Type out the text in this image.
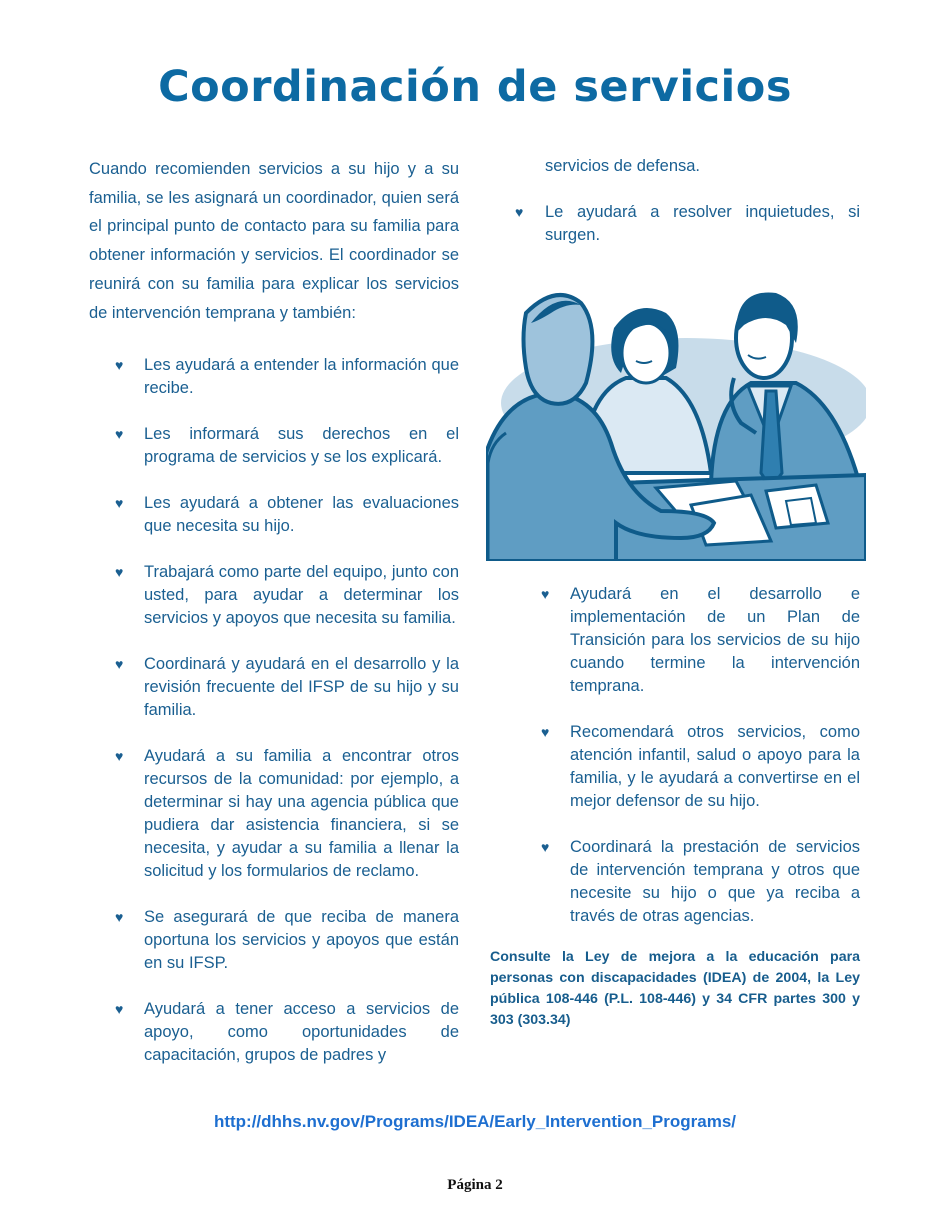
Coordinación de servicios

Cuando recomienden servicios a su hijo y a su familia, se les asignará un coordinador, quien será el principal punto de contacto para su familia para obtener información y servicios. El coordinador se reunirá con su familia para explicar los servicios de intervención temprana y también:

♥ Les ayudará a entender la información que recibe.
♥ Les informará sus derechos en el programa de servicios y se los explicará.
♥ Les ayudará a obtener las evaluaciones que necesita su hijo.
♥ Trabajará como parte del equipo, junto con usted, para ayudar a determinar los servicios y apoyos que necesita su familia.
♥ Coordinará y ayudará en el desarrollo y la revisión frecuente del IFSP de su hijo y su familia.
♥ Ayudará a su familia a encontrar otros recursos de la comunidad: por ejemplo, a determinar si hay una agencia pública que pudiera dar asistencia financiera, si se necesita, y ayudar a su familia a llenar la solicitud y los formularios de reclamo.
♥ Se asegurará de que reciba de manera oportuna los servicios y apoyos que están en su IFSP.
♥ Ayudará a tener acceso a servicios de apoyo, como oportunidades de capacitación, grupos de padres y
servicios de defensa.
♥ Le ayudará a resolver inquietudes, si surgen.
♥ Ayudará en el desarrollo e implementación de un Plan de Transición para los servicios de su hijo cuando termine la intervención temprana.
♥ Recomendará otros servicios, como atención infantil, salud o apoyo para la familia, y le ayudará a convertirse en el mejor defensor de su hijo.
♥ Coordinará la prestación de servicios de intervención temprana y otros que necesite su hijo o que ya reciba a través de otras agencias.
Consulte la Ley de mejora a la educación para personas con discapacidades (IDEA) de 2004, la Ley pública 108-446 (P.L. 108-446) y 34 CFR partes 300 y 303 (303.34)
http://dhhs.nv.gov/Programs/IDEA/Early_Intervention_Programs/
Página 2
